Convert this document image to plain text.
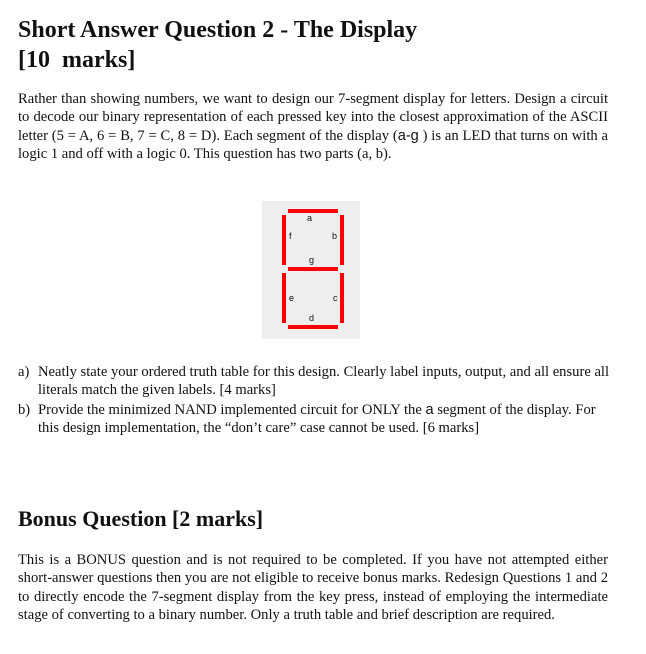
Short Answer Question 2 - The Display
[10  marks]

Rather than showing numbers, we want to design our 7-segment display for letters. Design a circuit to decode our binary representation of each pressed key into the closest approximation of the ASCII letter (5 = A, 6 = B, 7 = C, 8 = D). Each segment of the display (a-g ) is an LED that turns on with a logic 1 and off with a logic 0. This question has two parts (a, b).

a
f	b
g
e	c
d
a) Neatly state your ordered truth table for this design. Clearly label inputs, output, and all ensure all literals match the given labels. [4 marks]
b) Provide the minimized NAND implemented circuit for ONLY the a segment of the display. For this design implementation, the “don’t care” case cannot be used. [6 marks]
Bonus Question [2 marks]

This is a BONUS question and is not required to be completed. If you have not attempted either short-answer questions then you are not eligible to receive bonus marks. Redesign Questions 1 and 2 to directly encode the 7-segment display from the key press, instead of employing the intermediate stage of converting to a binary number. Only a truth table and brief description are required.
